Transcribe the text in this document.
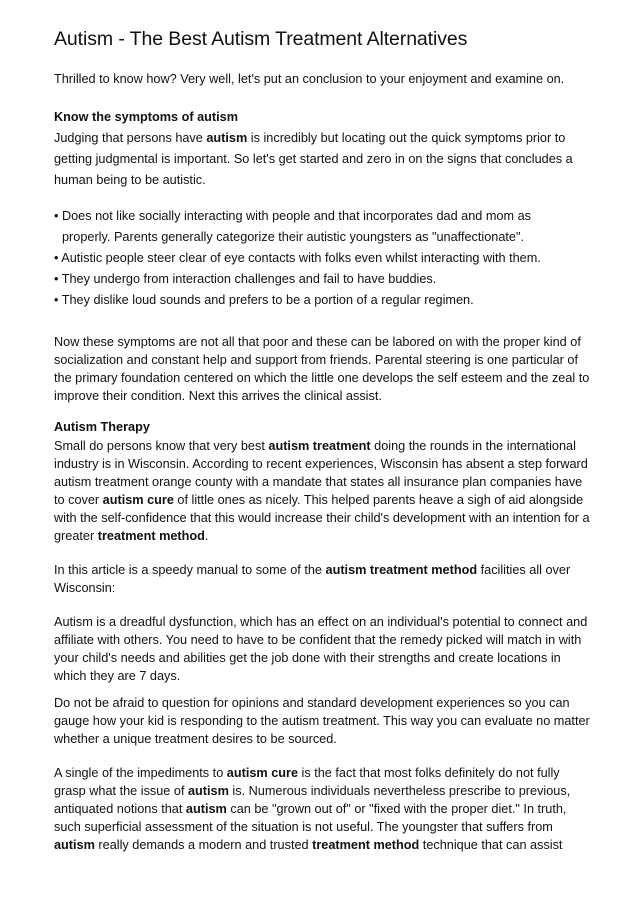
Autism - The Best Autism Treatment Alternatives

Thrilled to know how? Very well, let's put an conclusion to your enjoyment and examine on.

Know the symptoms of autism

Judging that persons have autism is incredibly but locating out the quick symptoms prior to getting judgmental is important. So let's get started and zero in on the signs that concludes a human being to be autistic.

• Does not like socially interacting with people and that incorporates dad and mom as
properly. Parents generally categorize their autistic youngsters as "unaffectionate".
• Autistic people steer clear of eye contacts with folks even whilst interacting with them.
• They undergo from interaction challenges and fail to have buddies.
• They dislike loud sounds and prefers to be a portion of a regular regimen.

Now these symptoms are not all that poor and these can be labored on with the proper kind of socialization and constant help and support from friends. Parental steering is one particular of the primary foundation centered on which the little one develops the self esteem and the zeal to improve their condition. Next this arrives the clinical assist.

Autism Therapy

Small do persons know that very best autism treatment doing the rounds in the international industry is in Wisconsin. According to recent experiences, Wisconsin has absent a step forward autism treatment orange county with a mandate that states all insurance plan companies have to cover autism cure of little ones as nicely. This helped parents heave a sigh of aid alongside with the self-confidence that this would increase their child's development with an intention for a greater treatment method.

In this article is a speedy manual to some of the autism treatment method facilities all over Wisconsin:

Autism is a dreadful dysfunction, which has an effect on an individual's potential to connect and affiliate with others. You need to have to be confident that the remedy picked will match in with your child's needs and abilities get the job done with their strengths and create locations in which they are 7 days.

Do not be afraid to question for opinions and standard development experiences so you can gauge how your kid is responding to the autism treatment. This way you can evaluate no matter whether a unique treatment desires to be sourced.

A single of the impediments to autism cure is the fact that most folks definitely do not fully grasp what the issue of autism is. Numerous individuals nevertheless prescribe to previous, antiquated notions that autism can be "grown out of" or "fixed with the proper diet." In truth, such superficial assessment of the situation is not useful. The youngster that suffers from autism really demands a modern and trusted treatment method technique that can assist
